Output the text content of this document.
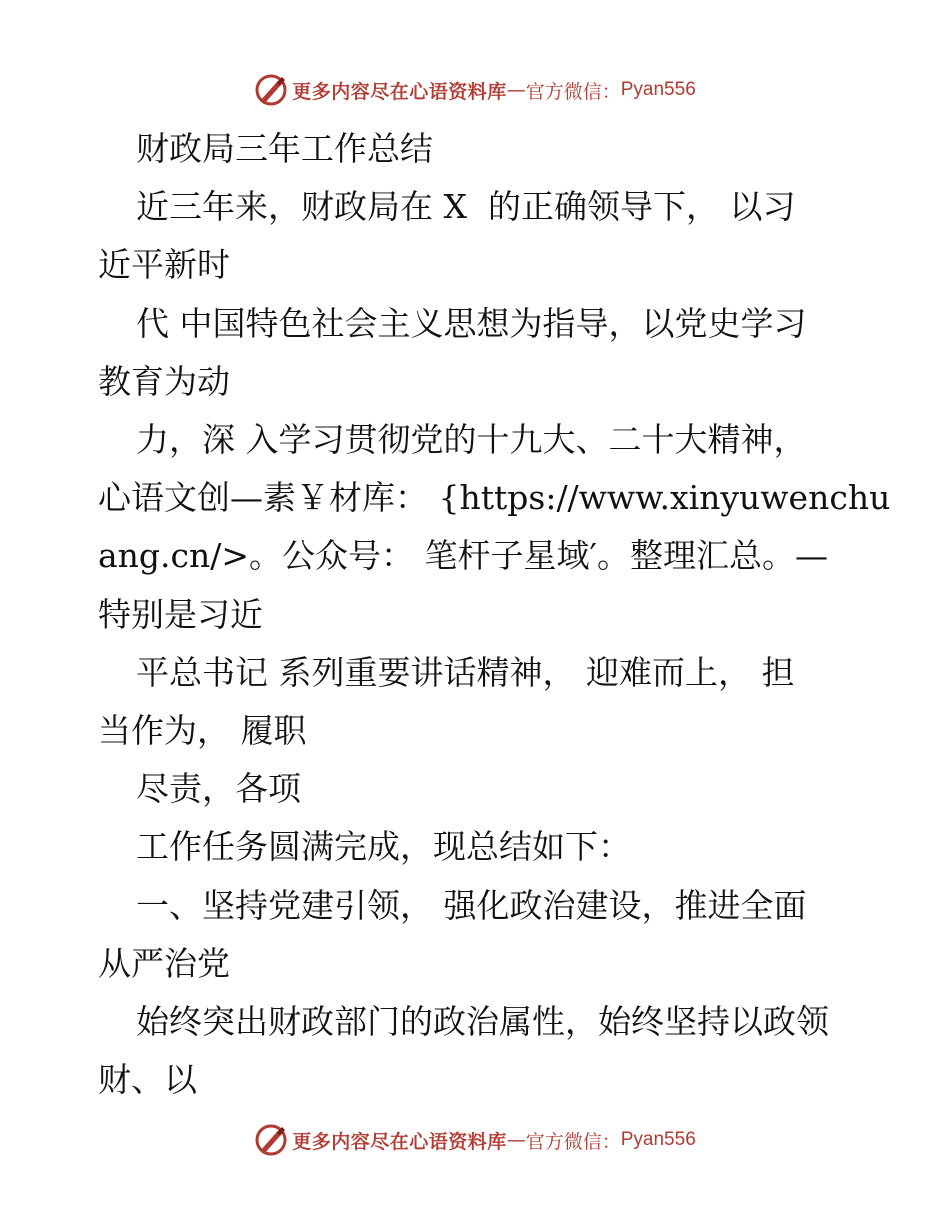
更多内容尽在心语资料库 — 官方微信： Pyan556

财政局三年工作总结

近三年来，财政局在 X  的正确领导下， 以习

近平新时

代 中国特色社会主义思想为指导，以党史学习

教育为动

力，深 入学习贯彻党的十九大、二十大精神，

心语文创—素￥材库： {https://www.xinyuwenchu

ang.cn/>。公众号： 笔杆子星域′。整理汇总。—

特别是习近

平总书记 系列重要讲话精神， 迎难而上， 担

当作为， 履职

尽责，各项

工作任务圆满完成，现总结如下：

一、坚持党建引领， 强化政治建设，推进全面

从严治党

始终突出财政部门的政治属性，始终坚持以政领

财、以

更多内容尽在心语资料库 — 官方微信： Pyan556
